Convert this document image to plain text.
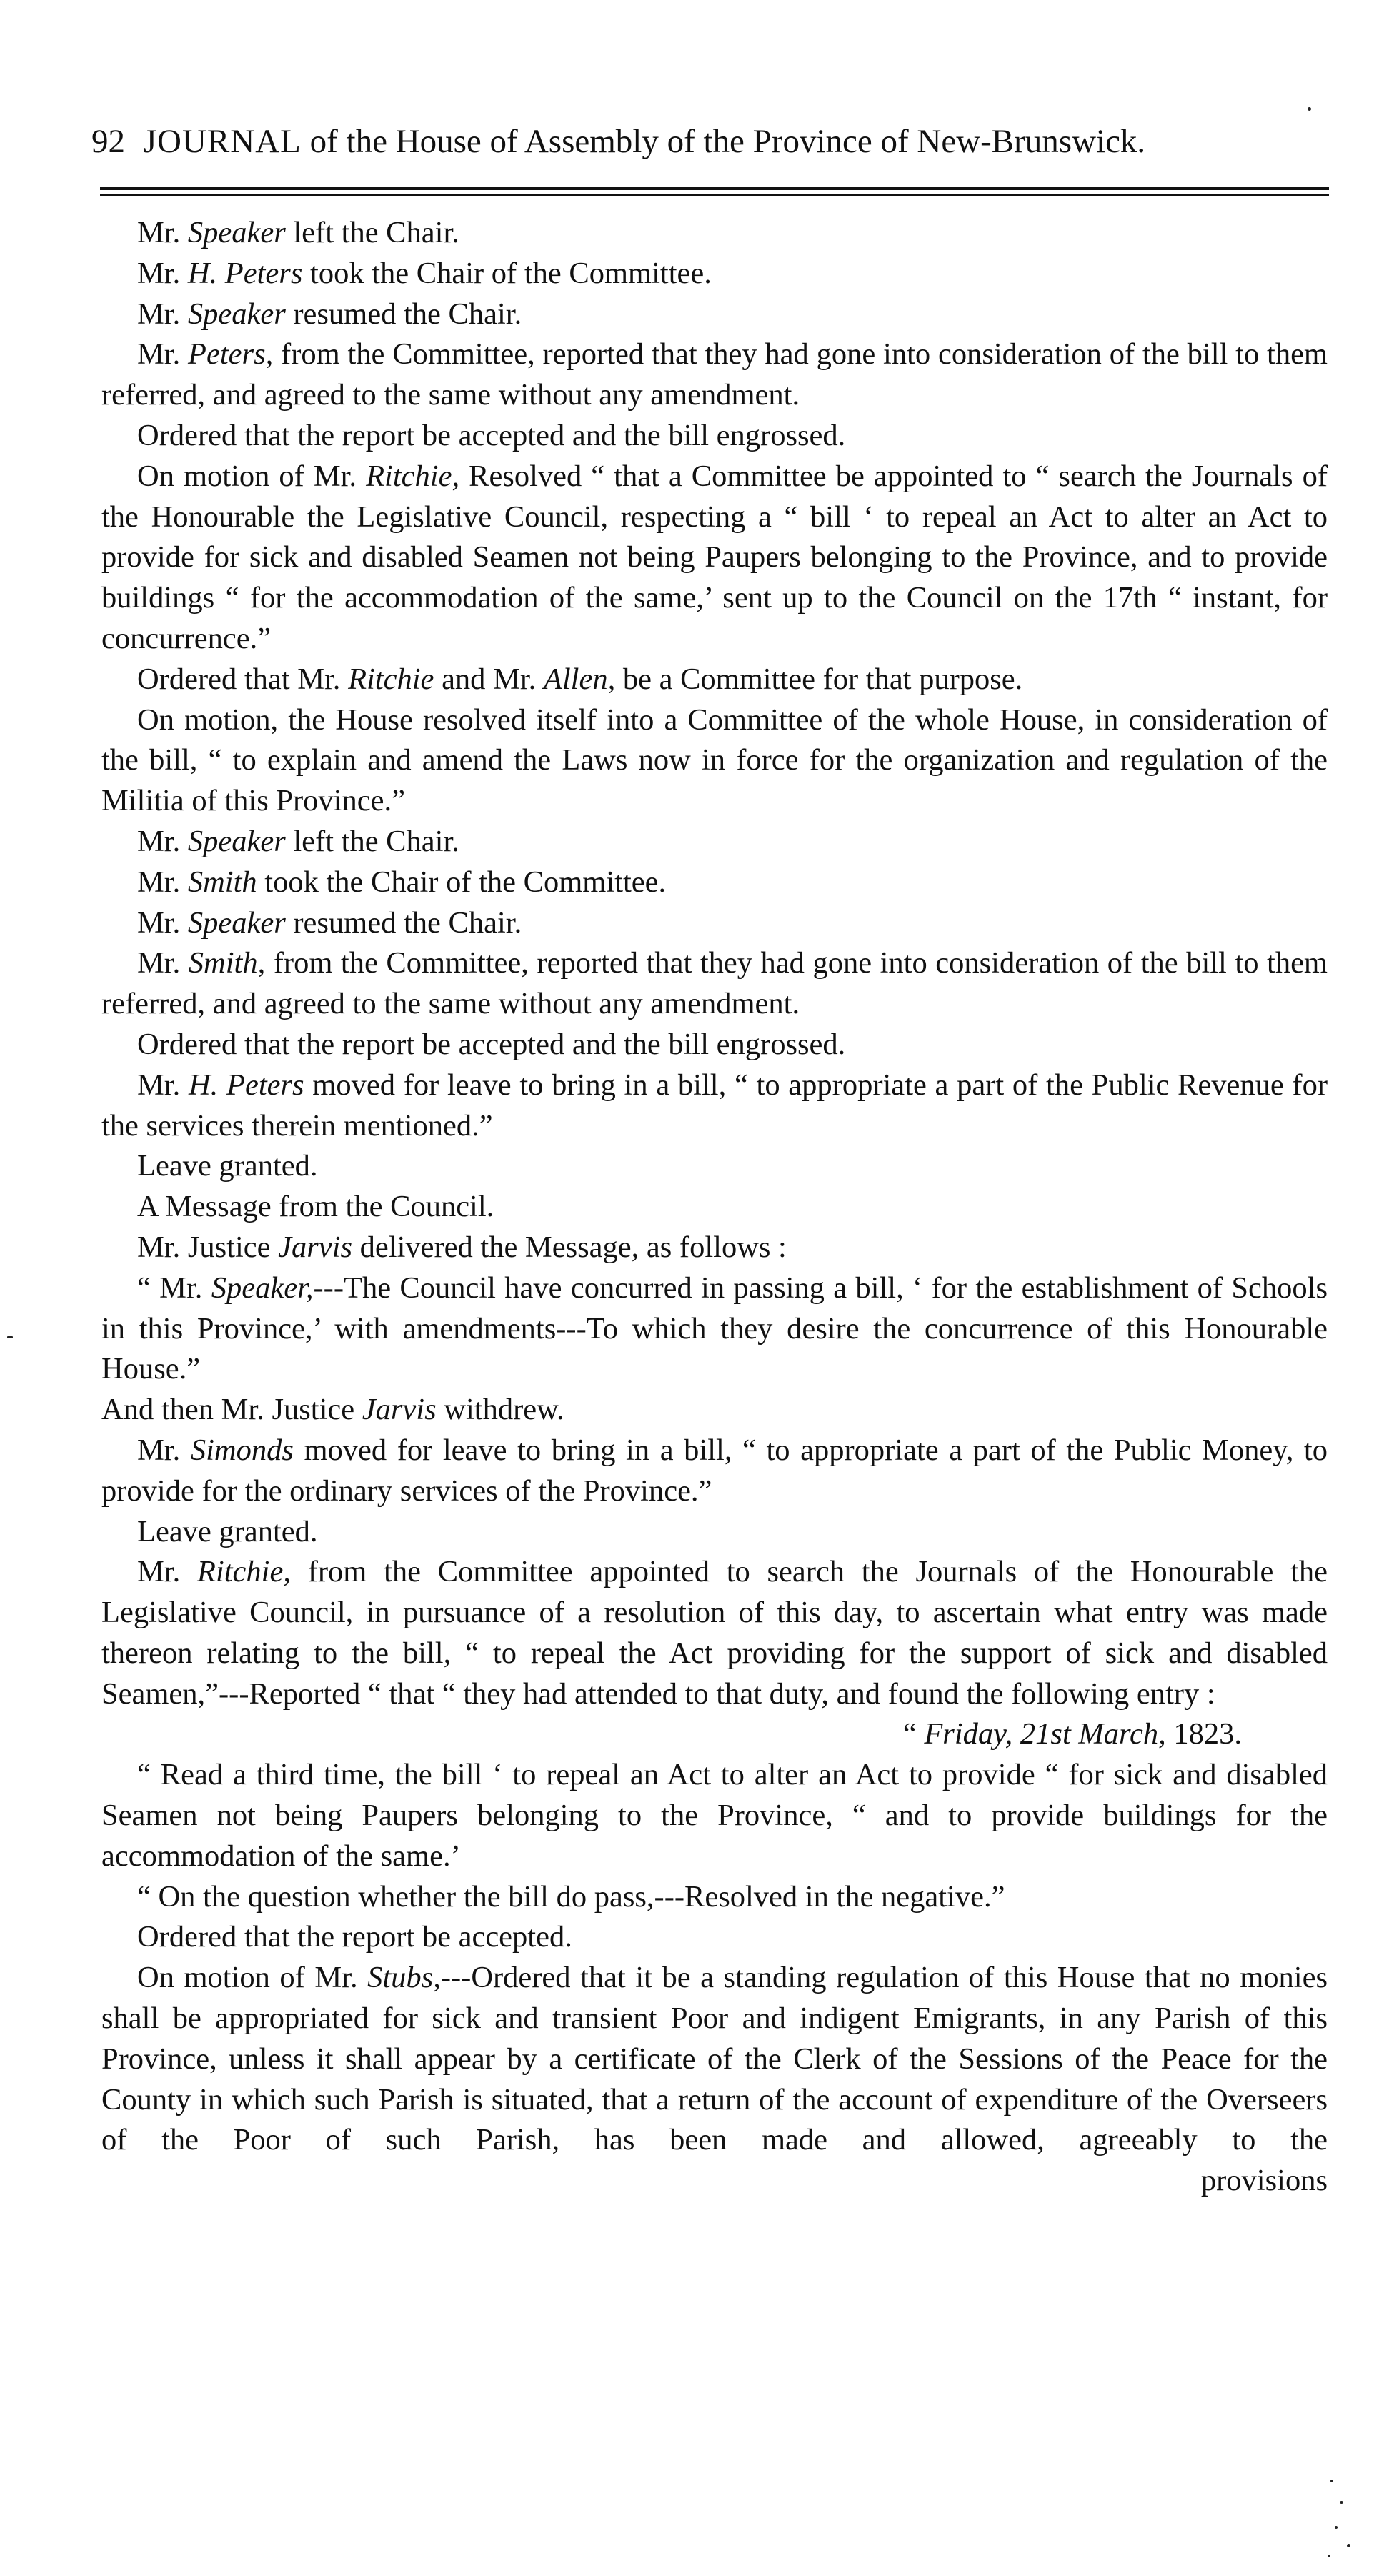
92 JOURNAL of the House of Assembly of the Province of New-Brunswick.

Mr. Speaker left the Chair.

Mr. H. Peters took the Chair of the Committee.

Mr. Speaker resumed the Chair.

Mr. Peters, from the Committee, reported that they had gone into consideration of the bill to them referred, and agreed to the same without any amendment.

Ordered that the report be accepted and the bill engrossed.

On motion of Mr. Ritchie, Resolved “ that a Committee be appointed to “ search the Journals of the Honourable the Legislative Council, respecting a “ bill ‘ to repeal an Act to alter an Act to provide for sick and disabled Seamen not being Paupers belonging to the Province, and to provide buildings “ for the accommodation of the same,’ sent up to the Council on the 17th “ instant, for concurrence.”

Ordered that Mr. Ritchie and Mr. Allen, be a Committee for that purpose.

On motion, the House resolved itself into a Committee of the whole House, in consideration of the bill, “ to explain and amend the Laws now in force for the organization and regulation of the Militia of this Province.”

Mr. Speaker left the Chair.

Mr. Smith took the Chair of the Committee.

Mr. Speaker resumed the Chair.

Mr. Smith, from the Committee, reported that they had gone into consideration of the bill to them referred, and agreed to the same without any amendment.

Ordered that the report be accepted and the bill engrossed.

Mr. H. Peters moved for leave to bring in a bill, “ to appropriate a part of the Public Revenue for the services therein mentioned.”

Leave granted.

A Message from the Council.

Mr. Justice Jarvis delivered the Message, as follows :

“ Mr. Speaker,---The Council have concurred in passing a bill, ‘ for the establishment of Schools in this Province,’ with amendments---To which they desire the concurrence of this Honourable House.”

And then Mr. Justice Jarvis withdrew.

Mr. Simonds moved for leave to bring in a bill, “ to appropriate a part of the Public Money, to provide for the ordinary services of the Province.”

Leave granted.

Mr. Ritchie, from the Committee appointed to search the Journals of the Honourable the Legislative Council, in pursuance of a resolution of this day, to ascertain what entry was made thereon relating to the bill, “ to repeal the Act providing for the support of sick and disabled Seamen,”---Reported “ that “ they had attended to that duty, and found the following entry :

“ Friday, 21st March, 1823.

“ Read a third time, the bill ‘ to repeal an Act to alter an Act to provide “ for sick and disabled Seamen not being Paupers belonging to the Province, “ and to provide buildings for the accommodation of the same.’

“ On the question whether the bill do pass,---Resolved in the negative.”

Ordered that the report be accepted.

On motion of Mr. Stubs,---Ordered that it be a standing regulation of this House that no monies shall be appropriated for sick and transient Poor and indigent Emigrants, in any Parish of this Province, unless it shall appear by a certificate of the Clerk of the Sessions of the Peace for the County in which such Parish is situated, that a return of the account of expenditure of the Overseers of the Poor of such Parish, has been made and allowed, agreeably to the

provisions
